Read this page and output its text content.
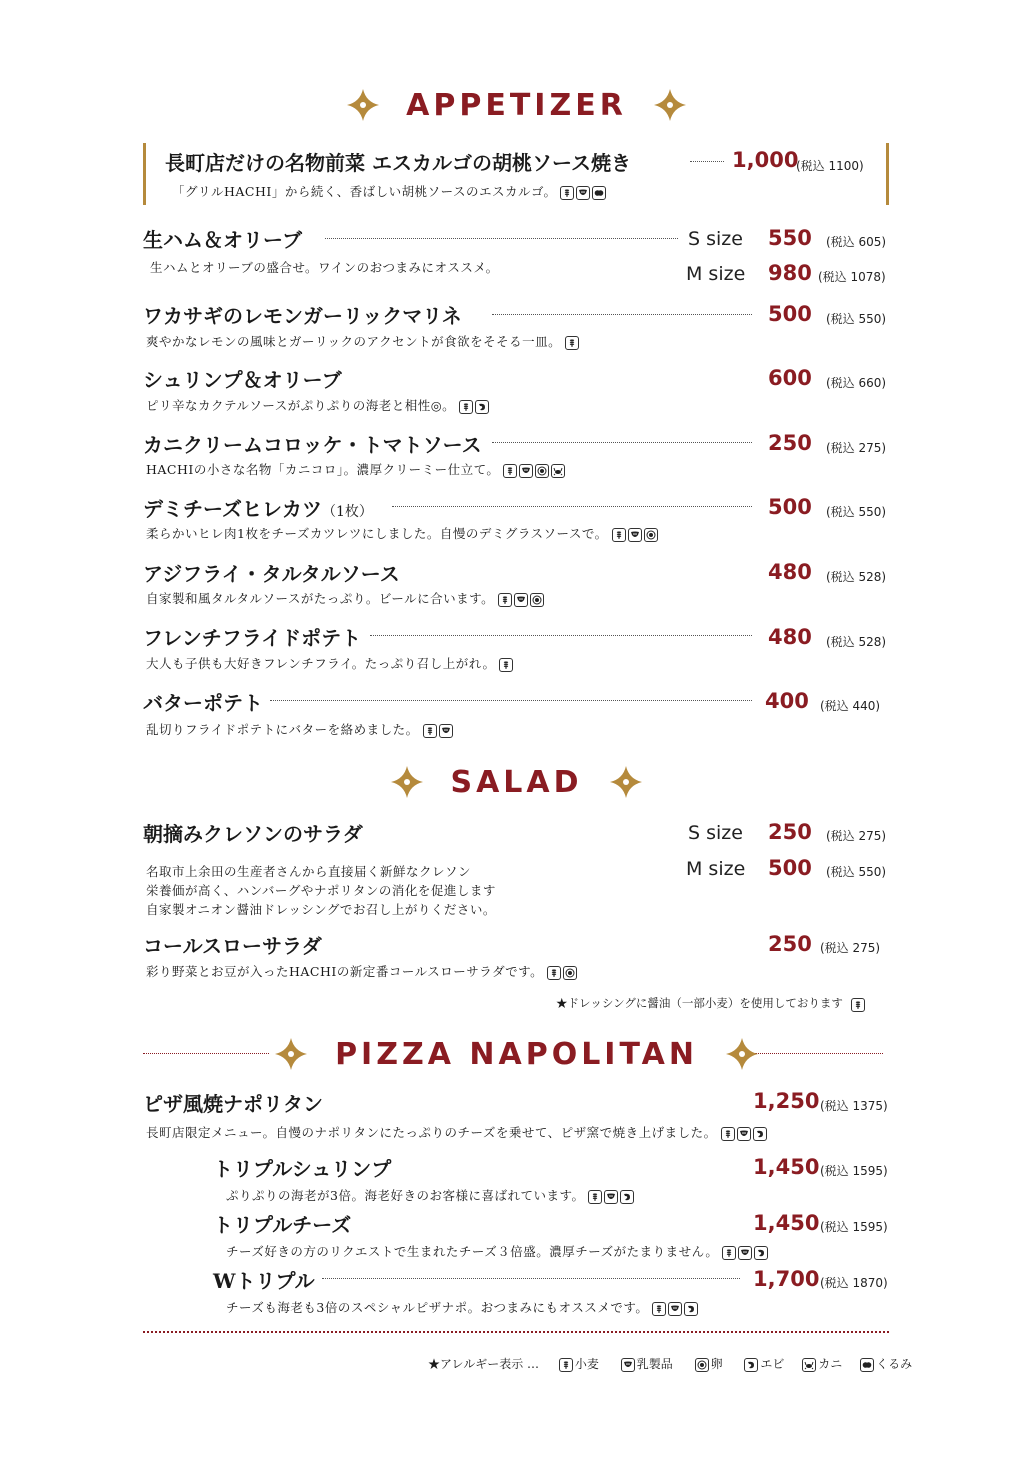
APPETIZER
長町店だけの名物前菜 エスカルゴの胡桃ソース焼き	1,000
(税込 1100)
「グリルHACHI」から続く、香ばしい胡桃ソースのエスカルゴ。
生ハム＆オリーブ	S size 550 (税込 605)
生ハムとオリーブの盛合せ。ワインのおつまみにオススメ。	M size 980 (税込 1078)
ワカサギのレモンガーリックマリネ	500 (税込 550)
爽やかなレモンの風味とガーリックのアクセントが食欲をそそる一皿。
シュリンプ＆オリーブ	600 (税込 660)
ピリ辛なカクテルソースがぷりぷりの海老と相性◎。
カニクリームコロッケ・トマトソース	250 (税込 275)
HACHIの小さな名物「カニコロ」。濃厚クリーミー仕立て。
デミチーズヒレカツ（1枚）	500 (税込 550)
柔らかいヒレ肉1枚をチーズカツレツにしました。自慢のデミグラスソースで。
アジフライ・タルタルソース	480 (税込 528)
自家製和風タルタルソースがたっぷり。ビールに合います。
フレンチフライドポテト	480 (税込 528)
大人も子供も大好きフレンチフライ。たっぷり召し上がれ。
バターポテト	400 (税込 440)
乱切りフライドポテトにバターを絡めました。
SALAD
朝摘みクレソンのサラダ	S size 250 (税込 275)
名取市上余田の生産者さんから直接届く新鮮なクレソン
栄養価が高く、ハンバーグやナポリタンの消化を促進します
自家製オニオン醤油ドレッシングでお召し上がりください。
M size 500 (税込 550)
コールスローサラダ	250 (税込 275)
彩り野菜とお豆が入ったHACHIの新定番コールスローサラダです。
★ドレッシングに醤油（一部小麦）を使用しております
PIZZA NAPOLITAN
ピザ風焼ナポリタン	1,250 (税込 1375)
長町店限定メニュー。自慢のナポリタンにたっぷりのチーズを乗せて、ピザ窯で焼き上げました。
トリプルシュリンプ	1,450 (税込 1595)
ぷりぷりの海老が3倍。海老好きのお客様に喜ばれています。
トリプルチーズ	1,450 (税込 1595)
チーズ好きの方のリクエストで生まれたチーズ３倍盛。濃厚チーズがたまりません。
Wトリプル	1,700 (税込 1870)
チーズも海老も3倍のスペシャルピザナポ。おつまみにもオススメです。
★アレルギー表示 …	小麦	乳製品	卵	エビ	カニ	くるみ
